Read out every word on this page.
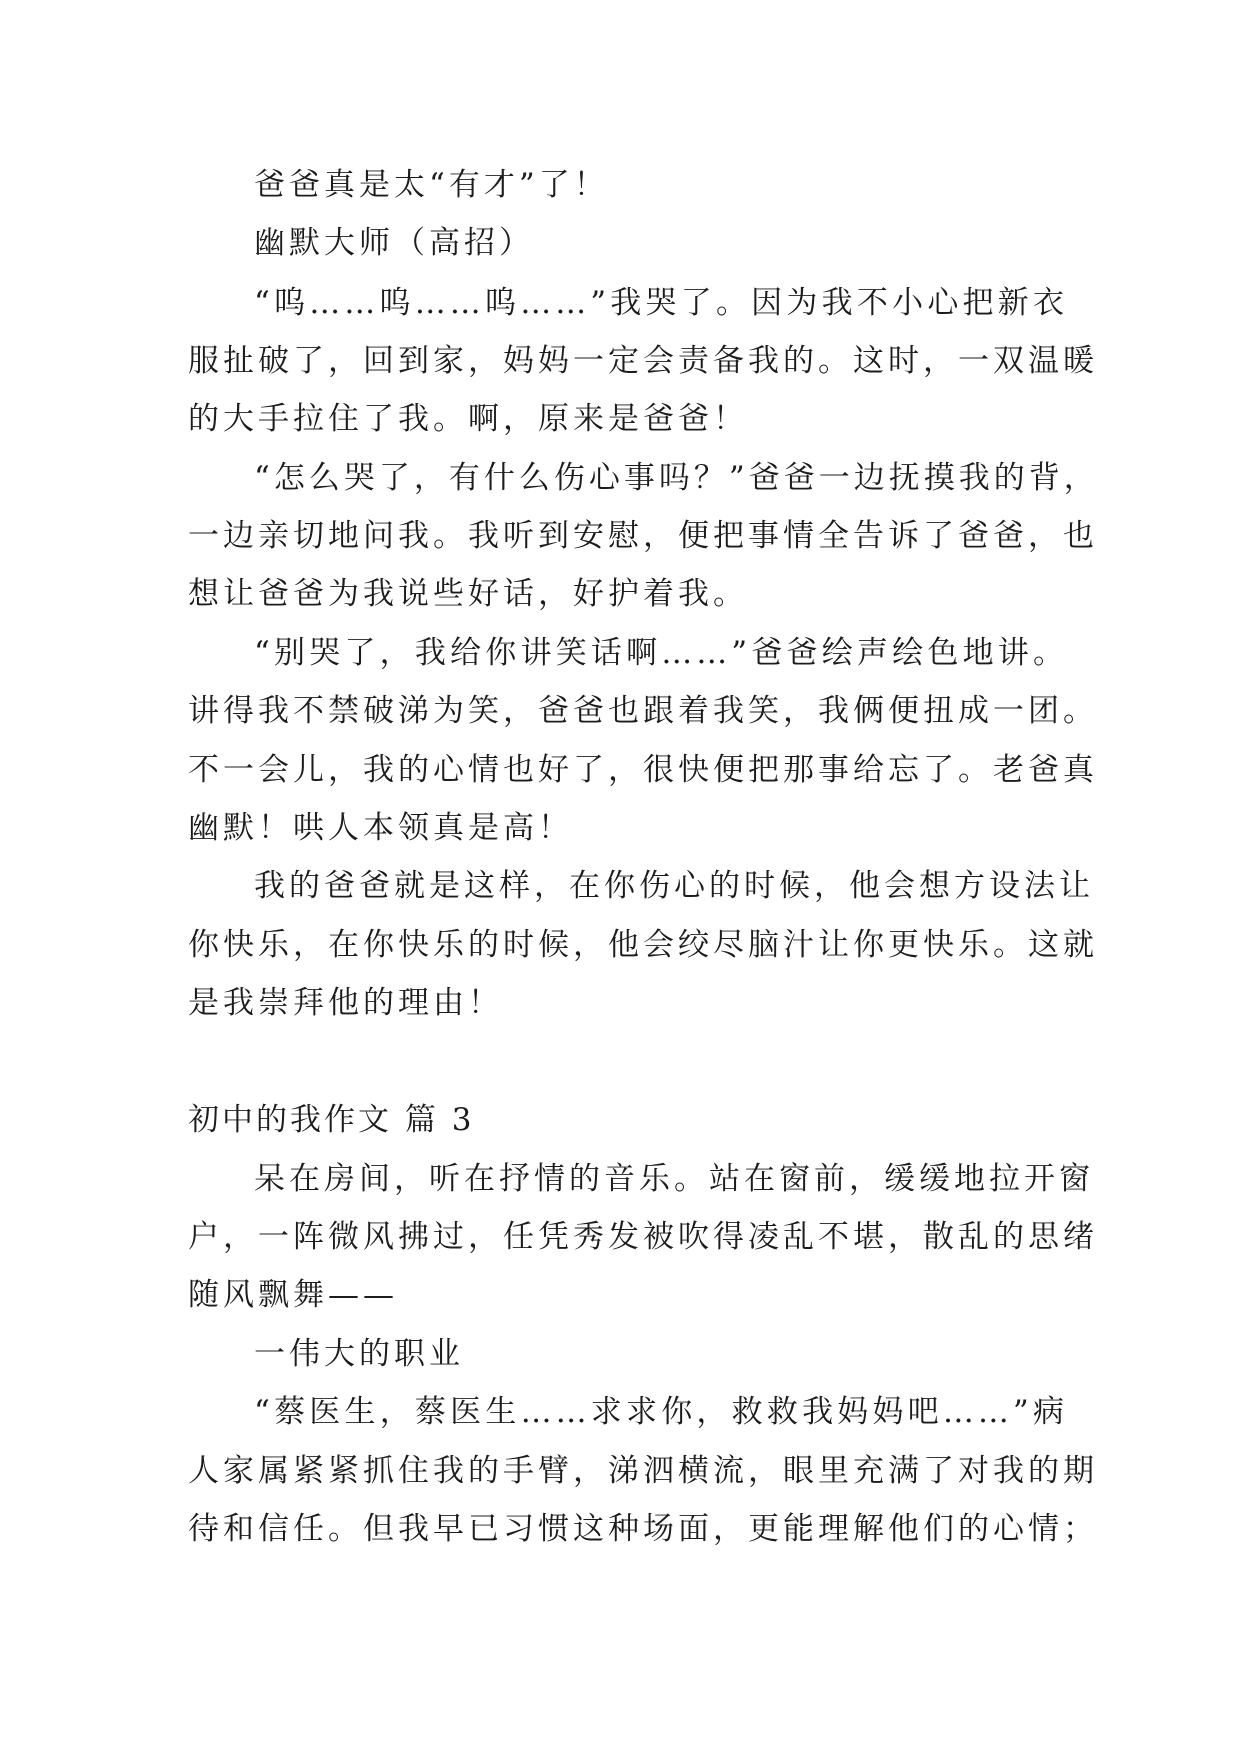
爸爸真是太“有才”了！
幽默大师（高招）
“呜……呜……呜……”我哭了。因为我不小心把新衣
服扯破了，回到家，妈妈一定会责备我的。这时，一双温暖
的大手拉住了我。啊，原来是爸爸！
“怎么哭了，有什么伤心事吗？”爸爸一边抚摸我的背，
一边亲切地问我。我听到安慰，便把事情全告诉了爸爸，也
想让爸爸为我说些好话，好护着我。
“别哭了，我给你讲笑话啊……”爸爸绘声绘色地讲。
讲得我不禁破涕为笑，爸爸也跟着我笑，我俩便扭成一团。
不一会儿，我的心情也好了，很快便把那事给忘了。老爸真
幽默！哄人本领真是高！
我的爸爸就是这样，在你伤心的时候，他会想方设法让
你快乐，在你快乐的时候，他会绞尽脑汁让你更快乐。这就
是我崇拜他的理由！
初中的我作文 篇 3
呆在房间，听在抒情的音乐。站在窗前，缓缓地拉开窗
户，一阵微风拂过，任凭秀发被吹得凌乱不堪，散乱的思绪
随风飘舞——
一伟大的职业
“蔡医生，蔡医生……求求你，救救我妈妈吧……”病
人家属紧紧抓住我的手臂，涕泗横流，眼里充满了对我的期
待和信任。但我早已习惯这种场面，更能理解他们的心情；
